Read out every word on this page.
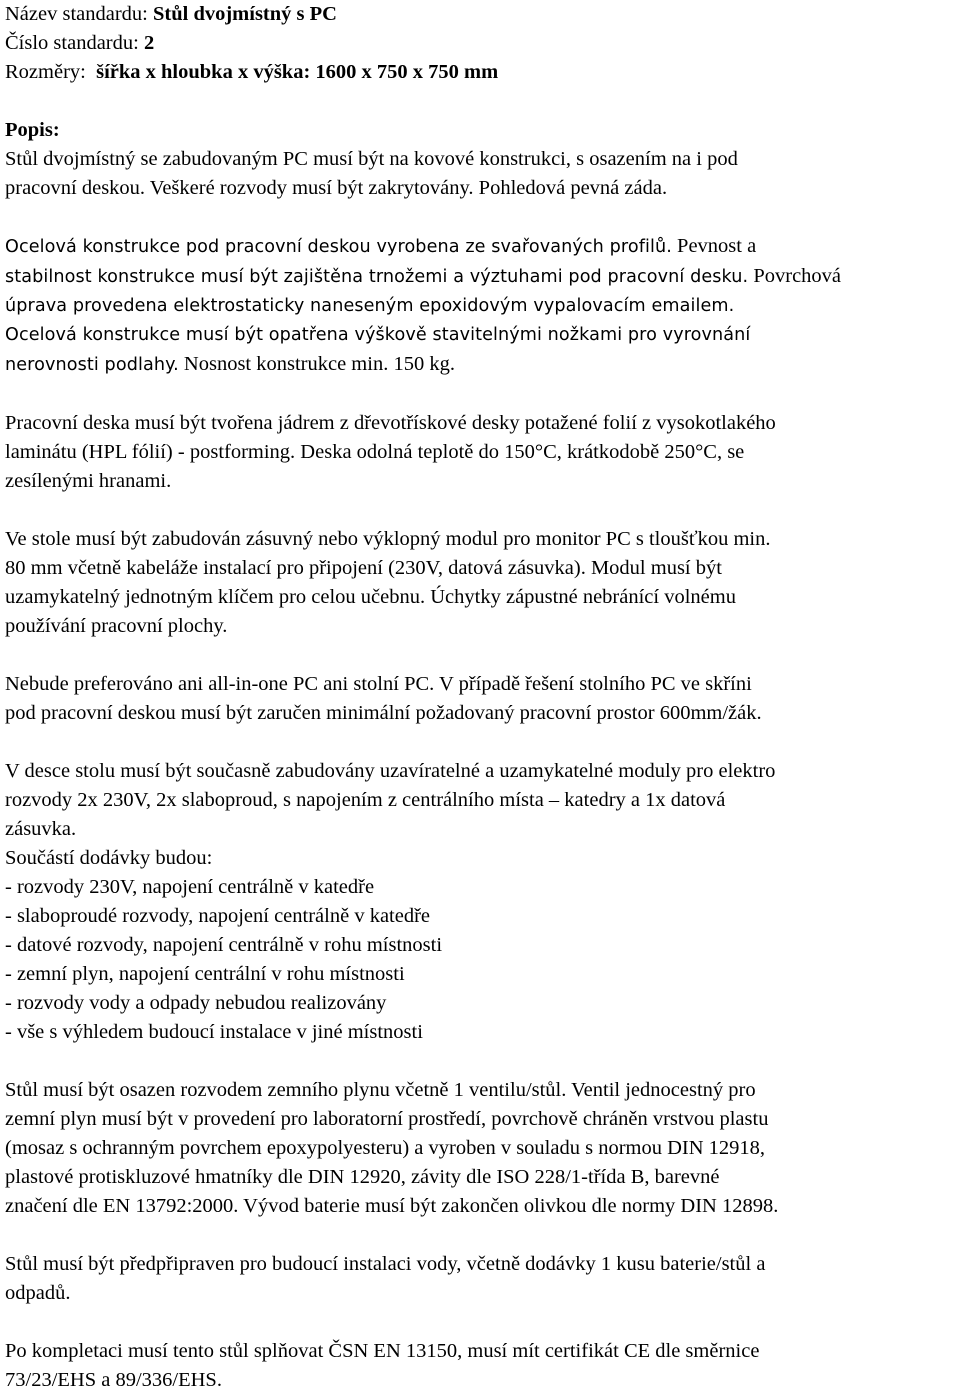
Název standardu: Stůl dvojmístný s PC
Číslo standardu: 2
Rozměry:  šířka x hloubka x výška: 1600 x 750 x 750 mm
Popis:
Stůl dvojmístný se zabudovaným PC musí být na kovové konstrukci, s osazením na i pod
pracovní deskou. Veškeré rozvody musí být zakrytovány. Pohledová pevná záda.
Ocelová konstrukce pod pracovní deskou vyrobena ze svařovaných profilů. Pevnost a
stabilnost konstrukce musí být zajištěna trnožemi a výztuhami pod pracovní desku. Povrchová
úprava provedena elektrostaticky naneseným epoxidovým vypalovacím emailem.
Ocelová konstrukce musí být opatřena výškově stavitelnými nožkami pro vyrovnání
nerovnosti podlahy. Nosnost konstrukce min. 150 kg.
Pracovní deska musí být tvořena jádrem z dřevotřískové desky potažené folií z vysokotlakého
laminátu (HPL fólií) - postforming. Deska odolná teplotě do 150°C, krátkodobě 250°C, se
zesílenými hranami.
Ve stole musí být zabudován zásuvný nebo výklopný modul pro monitor PC s tloušťkou min.
80 mm včetně kabeláže instalací pro připojení (230V, datová zásuvka). Modul musí být
uzamykatelný jednotným klíčem pro celou učebnu. Úchytky zápustné nebránící volnému
používání pracovní plochy.
Nebude preferováno ani all-in-one PC ani stolní PC. V případě řešení stolního PC ve skříni
pod pracovní deskou musí být zaručen minimální požadovaný pracovní prostor 600mm/žák.
V desce stolu musí být současně zabudovány uzavíratelné a uzamykatelné moduly pro elektro
rozvody 2x 230V, 2x slaboproud, s napojením z centrálního místa – katedry a 1x datová
zásuvka.
Součástí dodávky budou:
- rozvody 230V, napojení centrálně v katedře
- slaboproudé rozvody, napojení centrálně v katedře
- datové rozvody, napojení centrálně v rohu místnosti
- zemní plyn, napojení centrální v rohu místnosti
- rozvody vody a odpady nebudou realizovány
- vše s výhledem budoucí instalace v jiné místnosti
Stůl musí být osazen rozvodem zemního plynu včetně 1 ventilu/stůl. Ventil jednocestný pro
zemní plyn musí být v provedení pro laboratorní prostředí, povrchově chráněn vrstvou plastu
(mosaz s ochranným povrchem epoxypolyesteru) a vyroben v souladu s normou DIN 12918,
plastové protiskluzové hmatníky dle DIN 12920, závity dle ISO 228/1-třída B, barevné
značení dle EN 13792:2000. Vývod baterie musí být zakončen olivkou dle normy DIN 12898.
Stůl musí být předpřipraven pro budoucí instalaci vody, včetně dodávky 1 kusu baterie/stůl a
odpadů.
Po kompletaci musí tento stůl splňovat ČSN EN 13150, musí mít certifikát CE dle směrnice
73/23/EHS a 89/336/EHS.
